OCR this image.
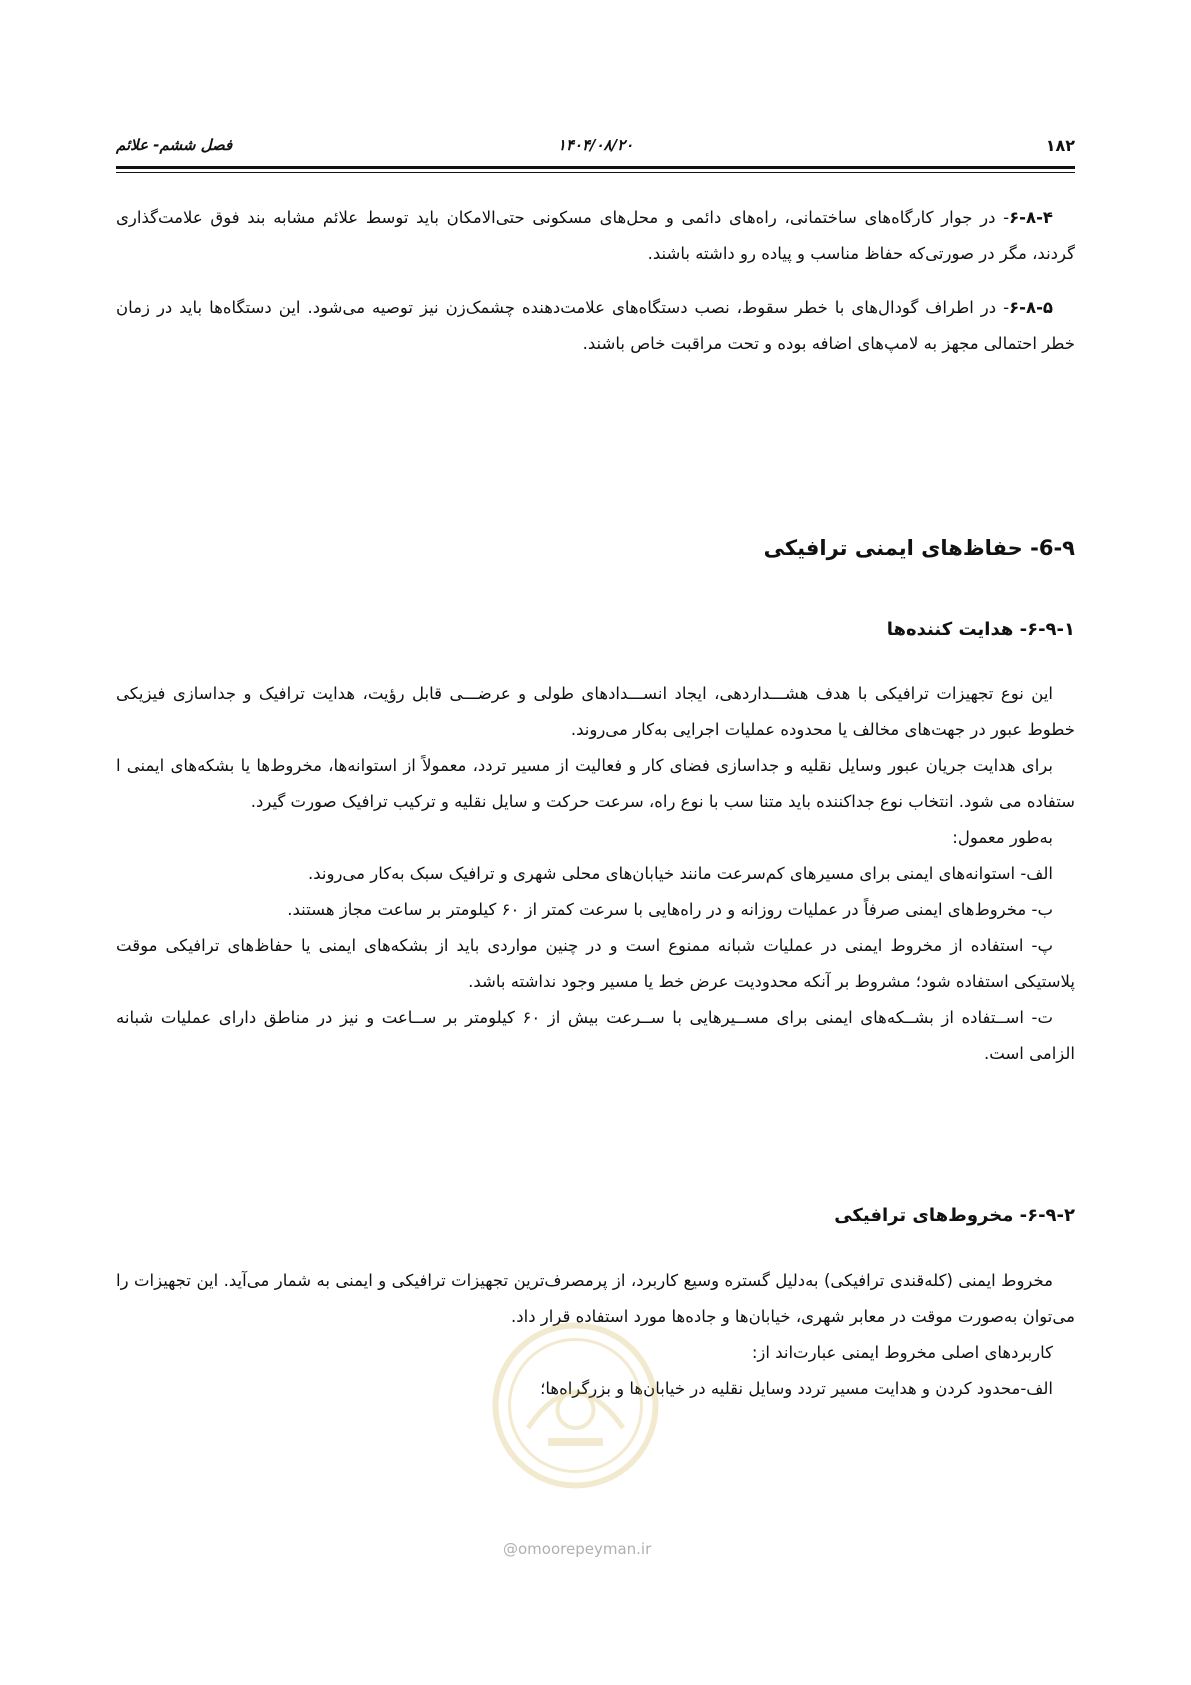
۱۸۲
۱۴۰۴/۰۸/۲۰
فصل ششم- علائم

۶-۸-۴- در جوار کارگاه‌های ساختمانی، راه‌های دائمی و محل‌های مسکونی حتی‌الامکان باید توسط علائم مشابه بند فوق علامت‌گذاری گردند، مگر در صورتی‌که حفاظ مناسب و پیاده رو داشته باشند.

۶-۸-۵- در اطراف گودال‌های با خطر سقوط، نصب دستگاه‌های علامت‌دهنده چشمک‌زن نیز توصیه می‌شود. این دستگاه‌ها باید در زمان خطر احتمالی مجهز به لامپ‌های اضافه بوده و تحت مراقبت خاص باشند.

6-۹- حفاظ‌های ایمنی ترافیکی

۶-۹-۱- هدایت کننده‌ها

این نوع تجهیزات ترافیکی با هدف هشـــداردهی، ایجاد انســـدادهای طولی و عرضـــی قابل رؤیت، هدایت ترافیک و جداسازی فیزیکی خطوط عبور در جهت‌های مخالف یا محدوده عملیات اجرایی به‌کار می‌روند.

برای هدایت جریان عبور وسایل نقلیه و جداسازی فضای کار و فعالیت از مسیر تردد، معمولاً از استوانه‌ها، مخروط‌ها یا بشکه‌های ایمنی ا ستفاده می شود. انتخاب نوع جداکننده باید متنا سب با نوع راه، سرعت حرکت و سایل نقلیه و ترکیب ترافیک صورت گیرد.

به‌طور معمول:

الف- استوانه‌های ایمنی برای مسیرهای کم‌سرعت مانند خیابان‌های محلی شهری و ترافیک سبک به‌کار می‌روند.

ب- مخروط‌های ایمنی صرفاً در عملیات روزانه و در راه‌هایی با سرعت کمتر از ۶۰ کیلومتر بر ساعت مجاز هستند.

پ- استفاده از مخروط ایمنی در عملیات شبانه ممنوع است و در چنین مواردی باید از بشکه‌های ایمنی یا حفاظ‌های ترافیکی موقت پلاستیکی استفاده شود؛ مشروط بر آنکه محدودیت عرض خط یا مسیر وجود نداشته باشد.

ت- اســتفاده از بشــکه‌های ایمنی برای مســیرهایی با ســرعت بیش از ۶۰ کیلومتر بر ســاعت و نیز در مناطق دارای عملیات شبانه الزامی است.

۶-۹-۲- مخروط‌های ترافیکی

مخروط ایمنی (کله‌قندی ترافیکی) به‌دلیل گستره وسیع کاربرد، از پرمصرف‌ترین تجهیزات ترافیکی و ایمنی به شمار می‌آید. این تجهیزات را می‌توان به‌صورت موقت در معابر شهری، خیابان‌ها و جاده‌ها مورد استفاده قرار داد.

کاربردهای اصلی مخروط ایمنی عبارت‌اند از:

الف-محدود کردن و هدایت مسیر تردد وسایل نقلیه در خیابان‌ها و بزرگراه‌ها؛

@omoorepeyman.ir
